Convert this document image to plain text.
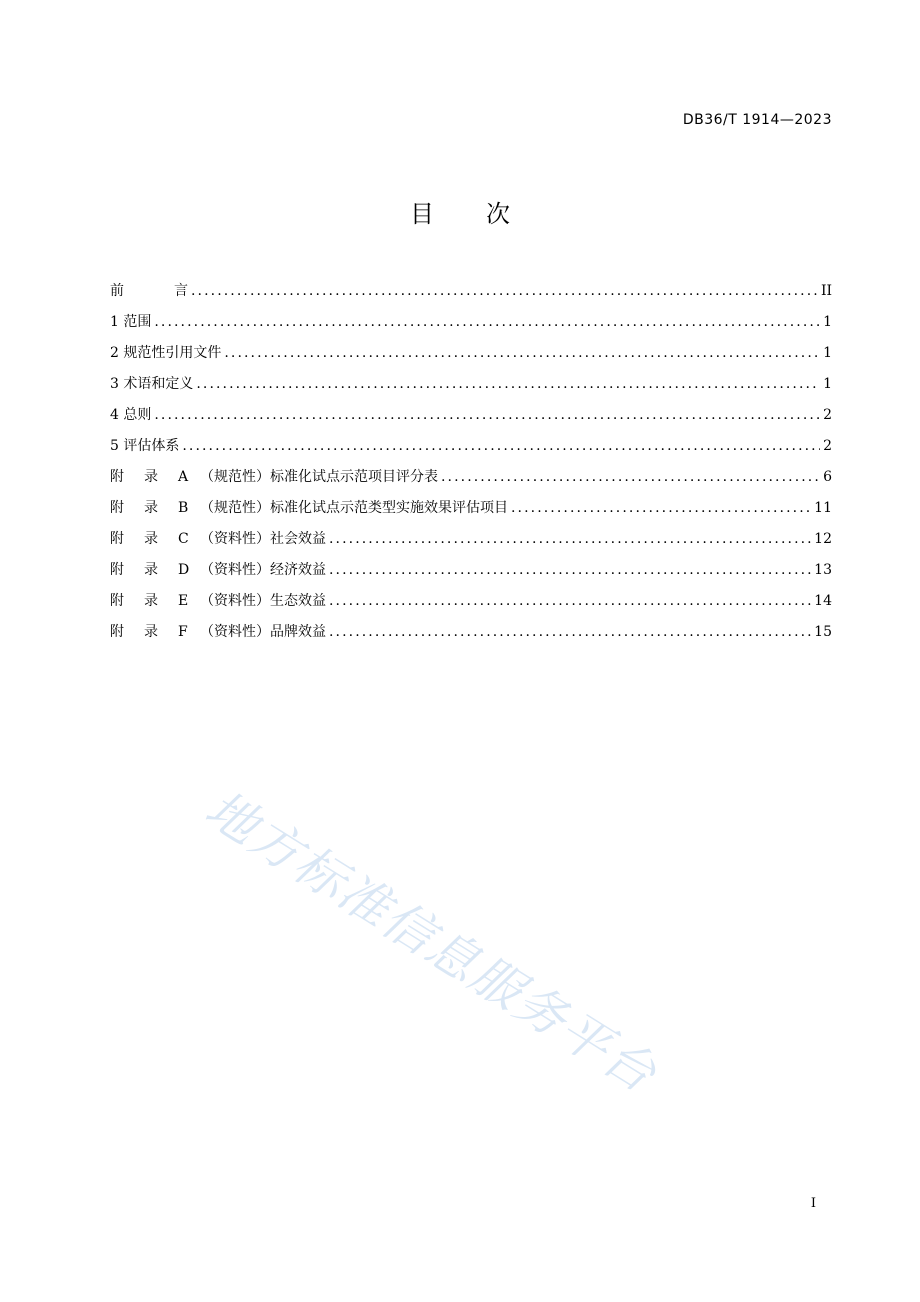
DB36/T 1914—2023
目 次
前	言 .....	II
1 范围 .....	1
2 规范性引用文件 .....	1
3 术语和定义 .....	1
4 总则 .....	2
5 评估体系 .....	2
附 录 A （规范性）标准化试点示范项目评分表 .....	6
附 录 B （规范性）标准化试点示范类型实施效果评估项目 .....	11
附 录 C （资料性）社会效益 .....	12
附 录 D （资料性）经济效益 .....	13
附 录 E （资料性）生态效益 .....	14
附 录 F （资料性）品牌效益 .....	15
地方标准信息服务平台
I
